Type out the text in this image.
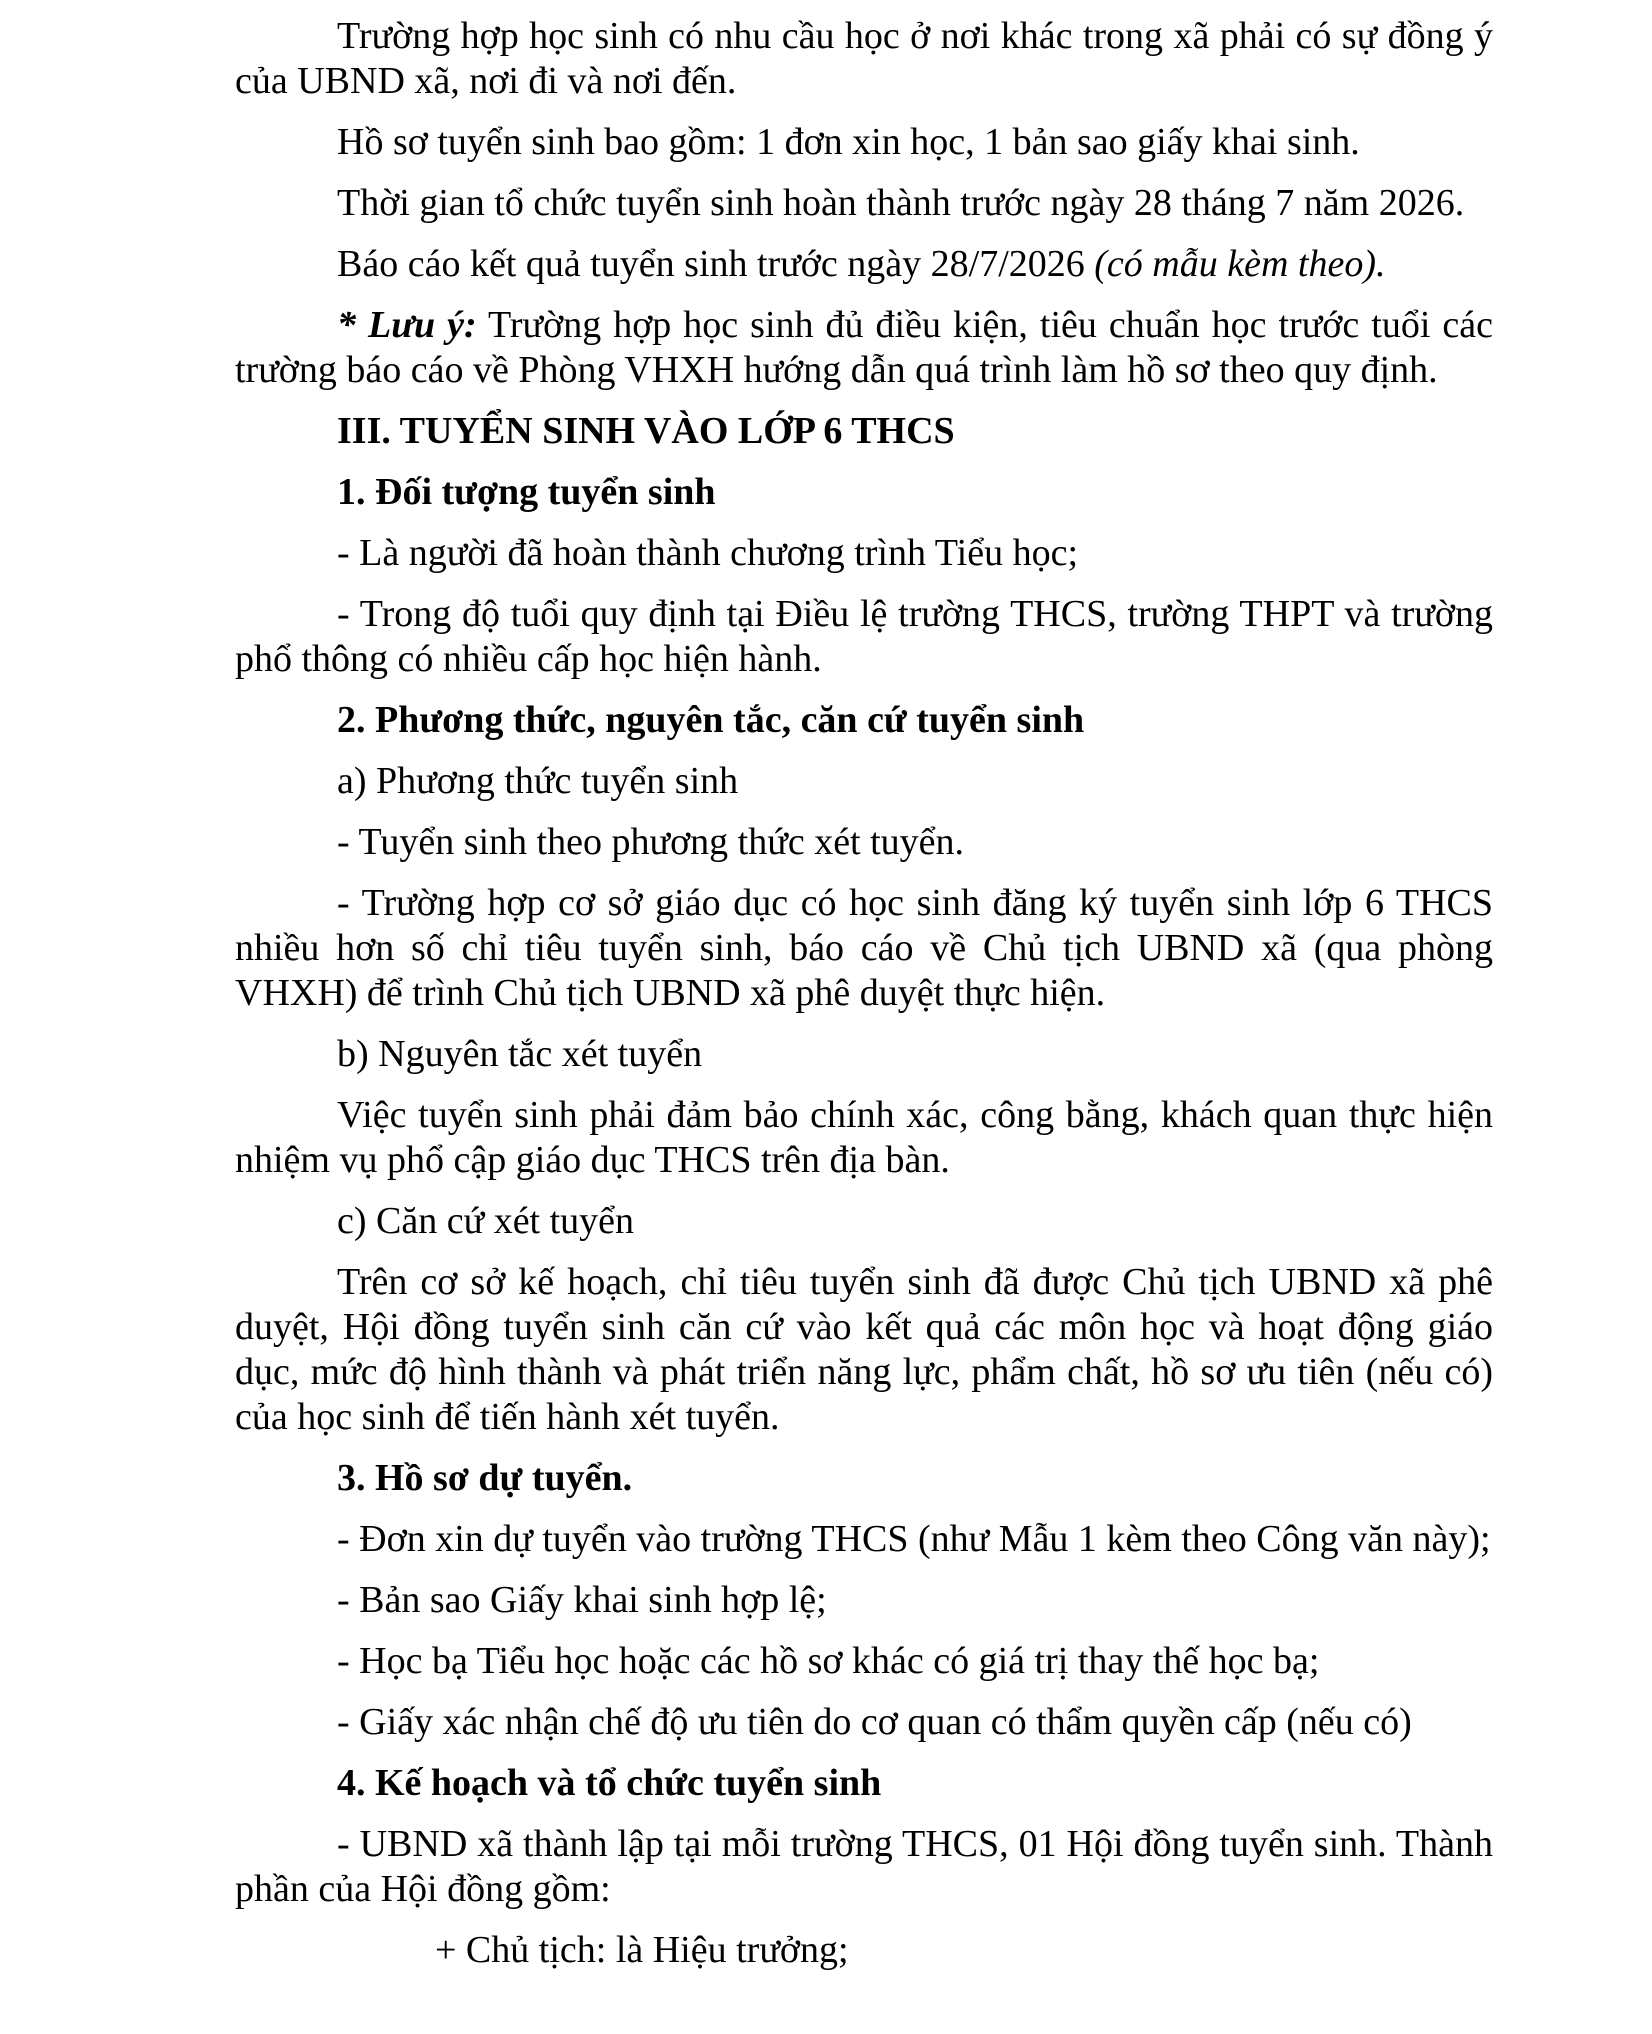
Trường hợp học sinh có nhu cầu học ở nơi khác trong xã phải có sự đồng ý của UBND xã, nơi đi và nơi đến.

Hồ sơ tuyển sinh bao gồm: 1 đơn xin học, 1 bản sao giấy khai sinh.

Thời gian tổ chức tuyển sinh hoàn thành trước ngày 28 tháng 7 năm 2026.

Báo cáo kết quả tuyển sinh trước ngày 28/7/2026 (có mẫu kèm theo).

* Lưu ý: Trường hợp học sinh đủ điều kiện, tiêu chuẩn học trước tuổi các trường báo cáo về Phòng VHXH hướng dẫn quá trình làm hồ sơ theo quy định.

III. TUYỂN SINH VÀO LỚP 6 THCS

1. Đối tượng tuyển sinh

- Là người đã hoàn thành chương trình Tiểu học;

- Trong độ tuổi quy định tại Điều lệ trường THCS, trường THPT và trường phổ thông có nhiều cấp học hiện hành.

2. Phương thức, nguyên tắc, căn cứ tuyển sinh

a) Phương thức tuyển sinh

- Tuyển sinh theo phương thức xét tuyển.

- Trường hợp cơ sở giáo dục có học sinh đăng ký tuyển sinh lớp 6 THCS nhiều hơn số chỉ tiêu tuyển sinh, báo cáo về Chủ tịch UBND xã (qua phòng VHXH) để trình Chủ tịch UBND xã phê duyệt thực hiện.

b) Nguyên tắc xét tuyển

Việc tuyển sinh phải đảm bảo chính xác, công bằng, khách quan thực hiện nhiệm vụ phổ cập giáo dục THCS trên địa bàn.

c) Căn cứ xét tuyển

Trên cơ sở kế hoạch, chỉ tiêu tuyển sinh đã được Chủ tịch UBND xã phê duyệt, Hội đồng tuyển sinh căn cứ vào kết quả các môn học và hoạt động giáo dục, mức độ hình thành và phát triển năng lực, phẩm chất, hồ sơ ưu tiên (nếu có) của học sinh để tiến hành xét tuyển.

3. Hồ sơ dự tuyển.

- Đơn xin dự tuyển vào trường THCS (như Mẫu 1 kèm theo Công văn này);

- Bản sao Giấy khai sinh hợp lệ;

- Học bạ Tiểu học hoặc các hồ sơ khác có giá trị thay thế học bạ;

- Giấy xác nhận chế độ ưu tiên do cơ quan có thẩm quyền cấp (nếu có)

4. Kế hoạch và tổ chức tuyển sinh

- UBND xã thành lập tại mỗi trường THCS, 01 Hội đồng tuyển sinh. Thành phần của Hội đồng gồm:

+ Chủ tịch: là Hiệu trưởng;
